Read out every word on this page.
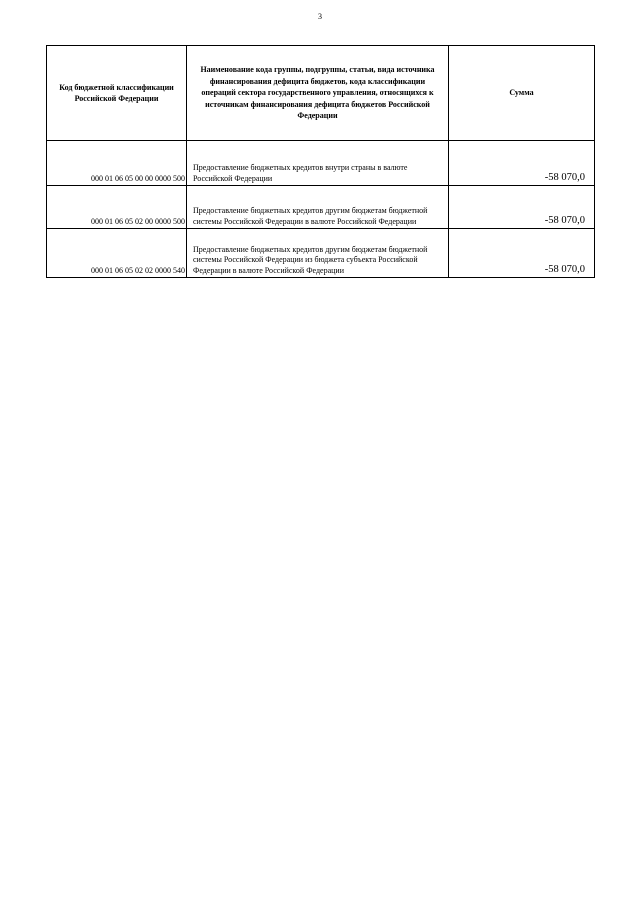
3
Код бюджетной классификации Российской Федерации	Наименование кода группы, подгруппы, статьи, вида источника финансирования дефицита бюджетов, кода классификации операций сектора государственного управления, относящихся к источникам финансирования дефицита бюджетов Российской Федерации	Сумма

000 01 06 05 00 00 0000 500	Предоставление бюджетных кредитов внутри страны в валюте Российской Федерации	-58 070,0
000 01 06 05 02 00 0000 500	Предоставление бюджетных кредитов другим бюджетам бюджетной системы Российской Федерации в валюте Российской Федерации	-58 070,0
000 01 06 05 02 02 0000 540	Предоставление бюджетных кредитов другим бюджетам бюджетной системы Российской Федерации из бюджета субъекта Российской Федерации в валюте Российской Федерации	-58 070,0
